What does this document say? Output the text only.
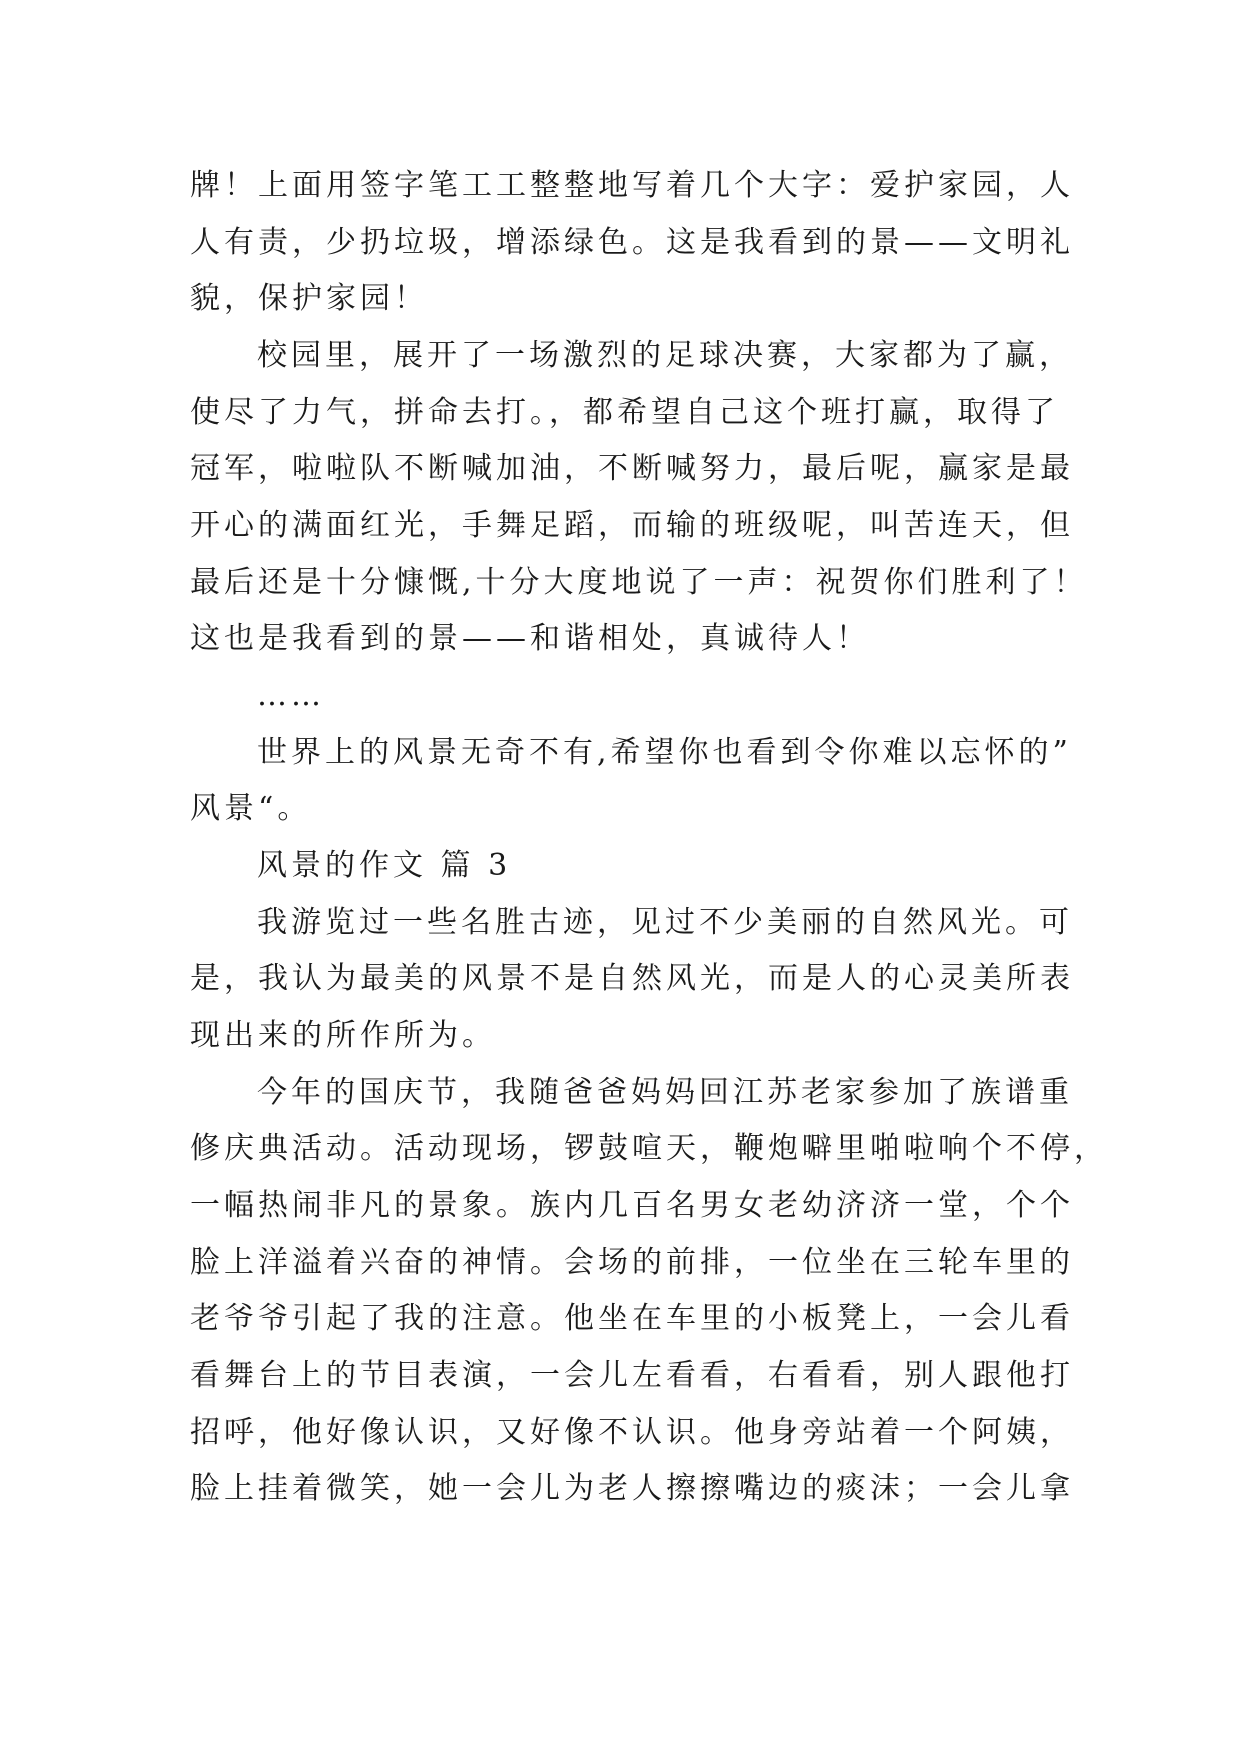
牌！上面用签字笔工工整整地写着几个大字：爱护家园，人
人有责，少扔垃圾，增添绿色。这是我看到的景——文明礼
貌，保护家园！
校园里，展开了一场激烈的足球决赛，大家都为了赢，
使尽了力气，拼命去打。，都希望自己这个班打赢，取得了
冠军，啦啦队不断喊加油，不断喊努力，最后呢，赢家是最
开心的满面红光，手舞足蹈，而输的班级呢，叫苦连天，但
最后还是十分慷慨,十分大度地说了一声：祝贺你们胜利了！
这也是我看到的景——和谐相处，真诚待人！
……
世界上的风景无奇不有,希望你也看到令你难以忘怀的”
风景“。
风景的作文 篇 3
我游览过一些名胜古迹，见过不少美丽的自然风光。可
是，我认为最美的风景不是自然风光，而是人的心灵美所表
现出来的所作所为。
今年的国庆节，我随爸爸妈妈回江苏老家参加了族谱重
修庆典活动。活动现场，锣鼓喧天，鞭炮噼里啪啦响个不停，
一幅热闹非凡的景象。族内几百名男女老幼济济一堂，个个
脸上洋溢着兴奋的神情。会场的前排，一位坐在三轮车里的
老爷爷引起了我的注意。他坐在车里的小板凳上，一会儿看
看舞台上的节目表演，一会儿左看看，右看看，别人跟他打
招呼，他好像认识，又好像不认识。他身旁站着一个阿姨，
脸上挂着微笑，她一会儿为老人擦擦嘴边的痰沫；一会儿拿
